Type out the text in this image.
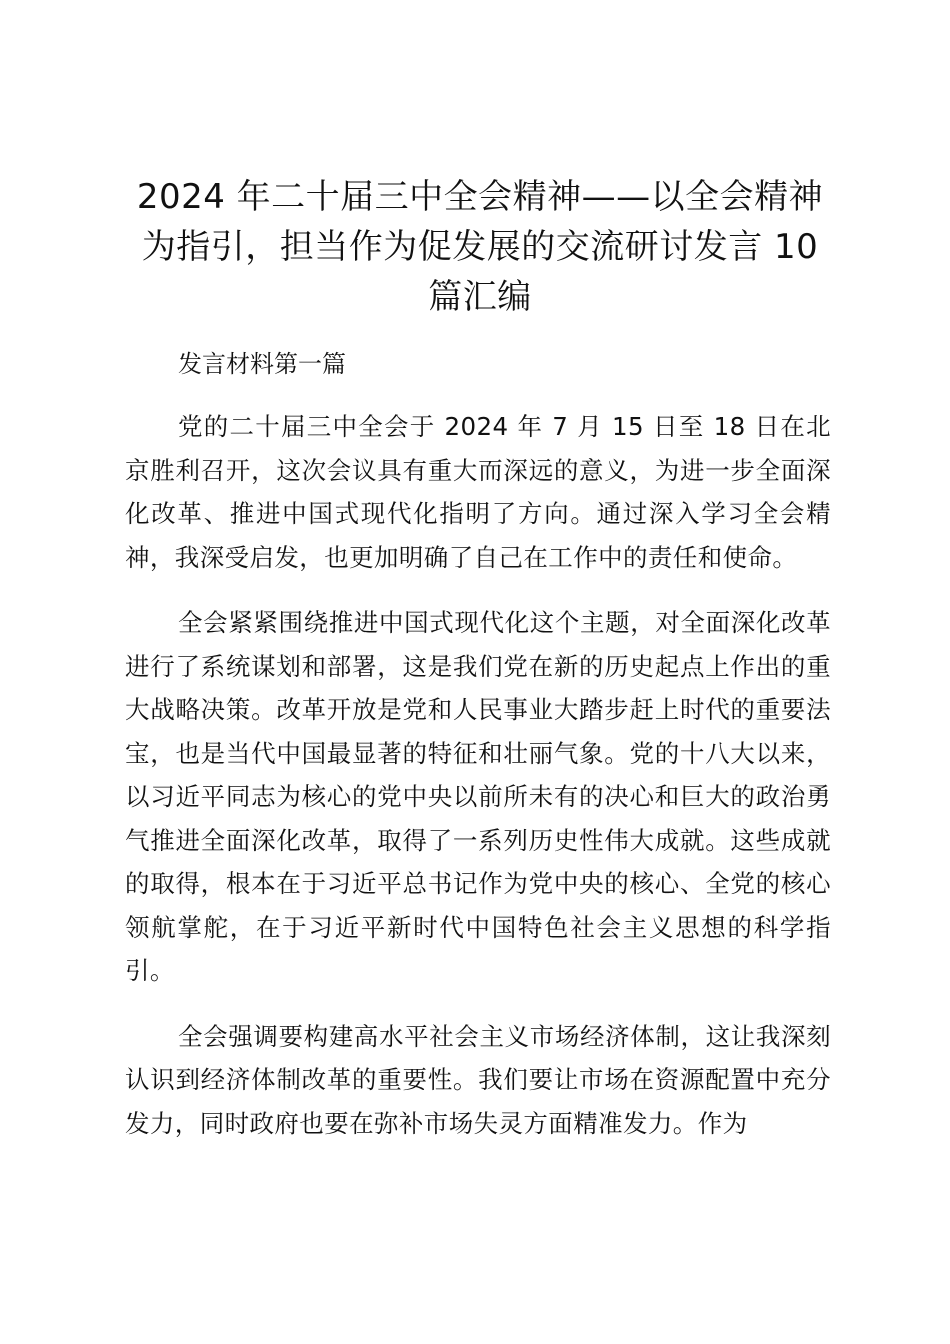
2024 年二十届三中全会精神——以全会精神
为指引，担当作为促发展的交流研讨发言 10
篇汇编

发言材料第一篇

党的二十届三中全会于 2024 年 7 月 15 日至 18 日在北京胜利召开，这次会议具有重大而深远的意义，为进一步全面深化改革、推进中国式现代化指明了方向。通过深入学习全会精神，我深受启发，也更加明确了自己在工作中的责任和使命。

全会紧紧围绕推进中国式现代化这个主题，对全面深化改革进行了系统谋划和部署，这是我们党在新的历史起点上作出的重大战略决策。改革开放是党和人民事业大踏步赶上时代的重要法宝，也是当代中国最显著的特征和壮丽气象。党的十八大以来，以习近平同志为核心的党中央以前所未有的决心和巨大的政治勇气推进全面深化改革，取得了一系列历史性伟大成就。这些成就的取得，根本在于习近平总书记作为党中央的核心、全党的核心领航掌舵，在于习近平新时代中国特色社会主义思想的科学指引。

全会强调要构建高水平社会主义市场经济体制，这让我深刻认识到经济体制改革的重要性。我们要让市场在资源配置中充分发力，同时政府也要在弥补市场失灵方面精准发力。作为
